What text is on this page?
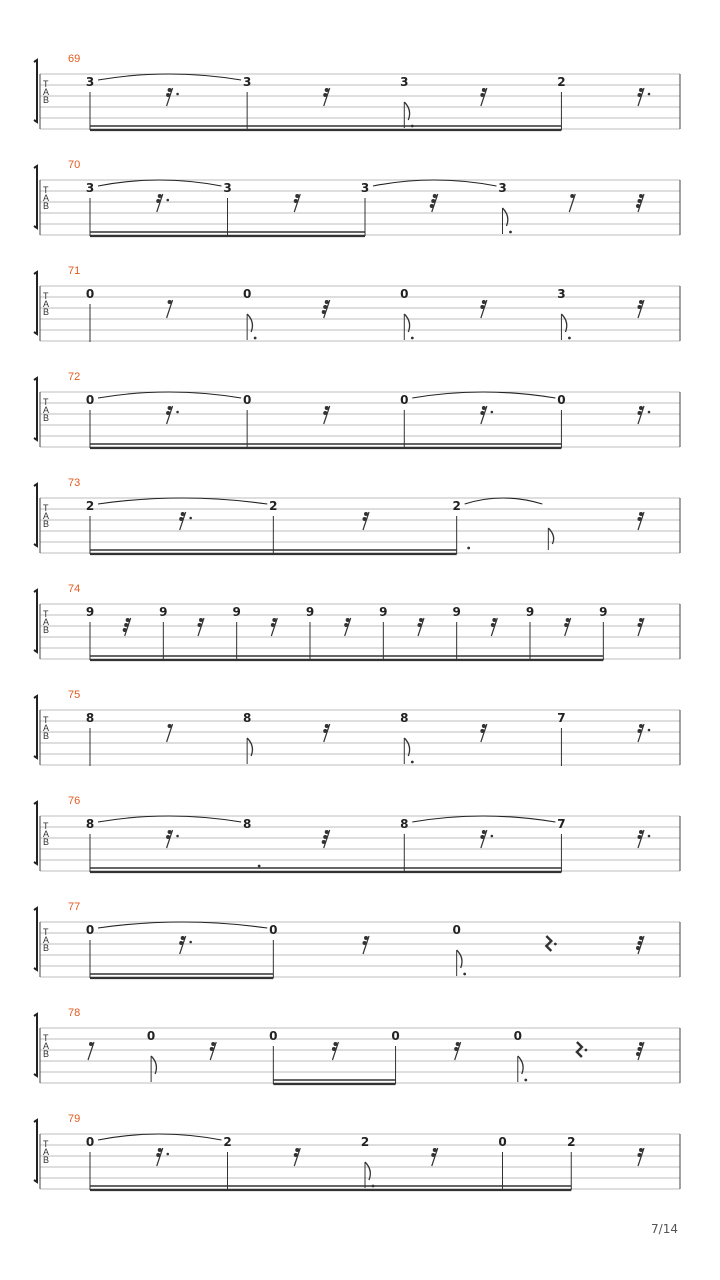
T
A
B
69
3	3	3	2
T
A
B
70
3	3	3	3
T
A
B
71
0	0	0	3
T
A
B
72
0	0	0	0
T
A
B
73
2	2	2
T
A
B
74
9	9	9	9	9	9	9	9
T
A
B
75
8	8	8	7
T
A
B
76
8	8	8	7
T
A
B
77
0	0	0
T
A
B
78
0	0	0	0
T
A
B
79
0	2	2	0	2
7/14
